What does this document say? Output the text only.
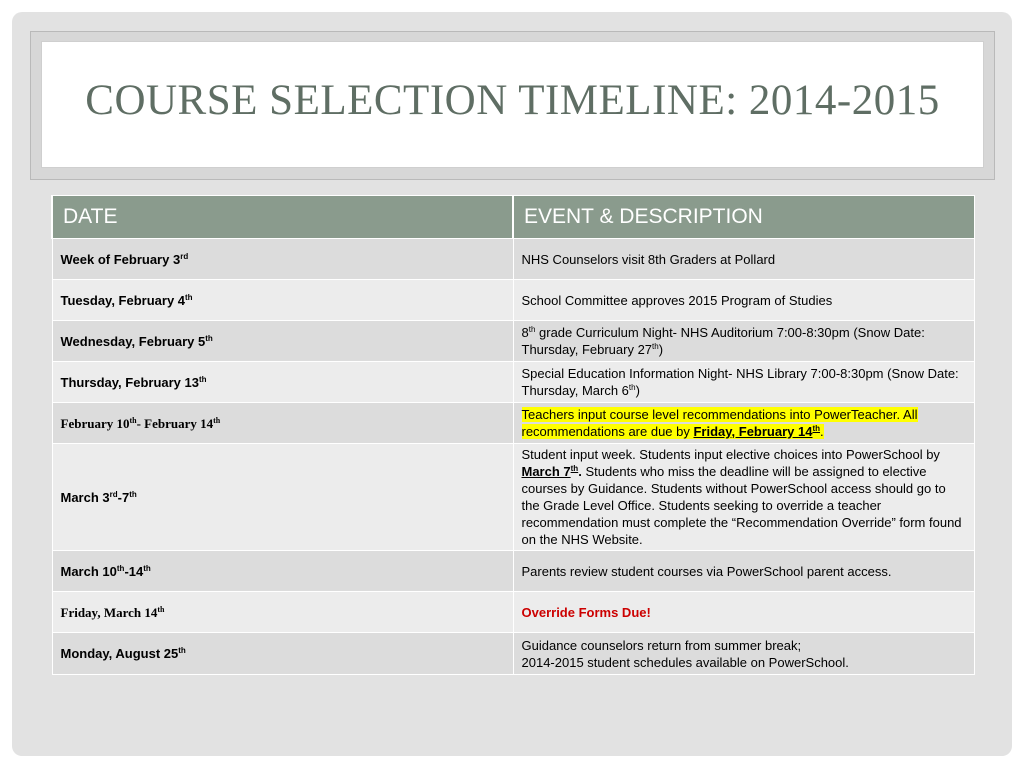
COURSE SELECTION TIMELINE: 2014-2015
DATE	EVENT & DESCRIPTION
Week of February 3rd	NHS Counselors visit 8th Graders at Pollard
Tuesday, February 4th	School Committee approves 2015 Program of Studies
Wednesday, February 5th	8th grade Curriculum Night- NHS Auditorium 7:00-8:30pm (Snow Date: Thursday, February 27th)
Thursday, February 13th	Special Education Information Night- NHS Library 7:00-8:30pm (Snow Date: Thursday, March 6th)
February 10th- February 14th	Teachers input course level recommendations into PowerTeacher. All recommendations are due by Friday, February 14th.
March 3rd-7th	Student input week. Students input elective choices into PowerSchool by March 7th. Students who miss the deadline will be assigned to elective courses by Guidance. Students without PowerSchool access should go to the Grade Level Office. Students seeking to override a teacher recommendation must complete the “Recommendation Override” form found on the NHS Website.
March 10th-14th	Parents review student courses via PowerSchool parent access.
Friday, March 14th	Override Forms Due!
Monday, August 25th	Guidance counselors return from summer break;
2014-2015 student schedules available on PowerSchool.
